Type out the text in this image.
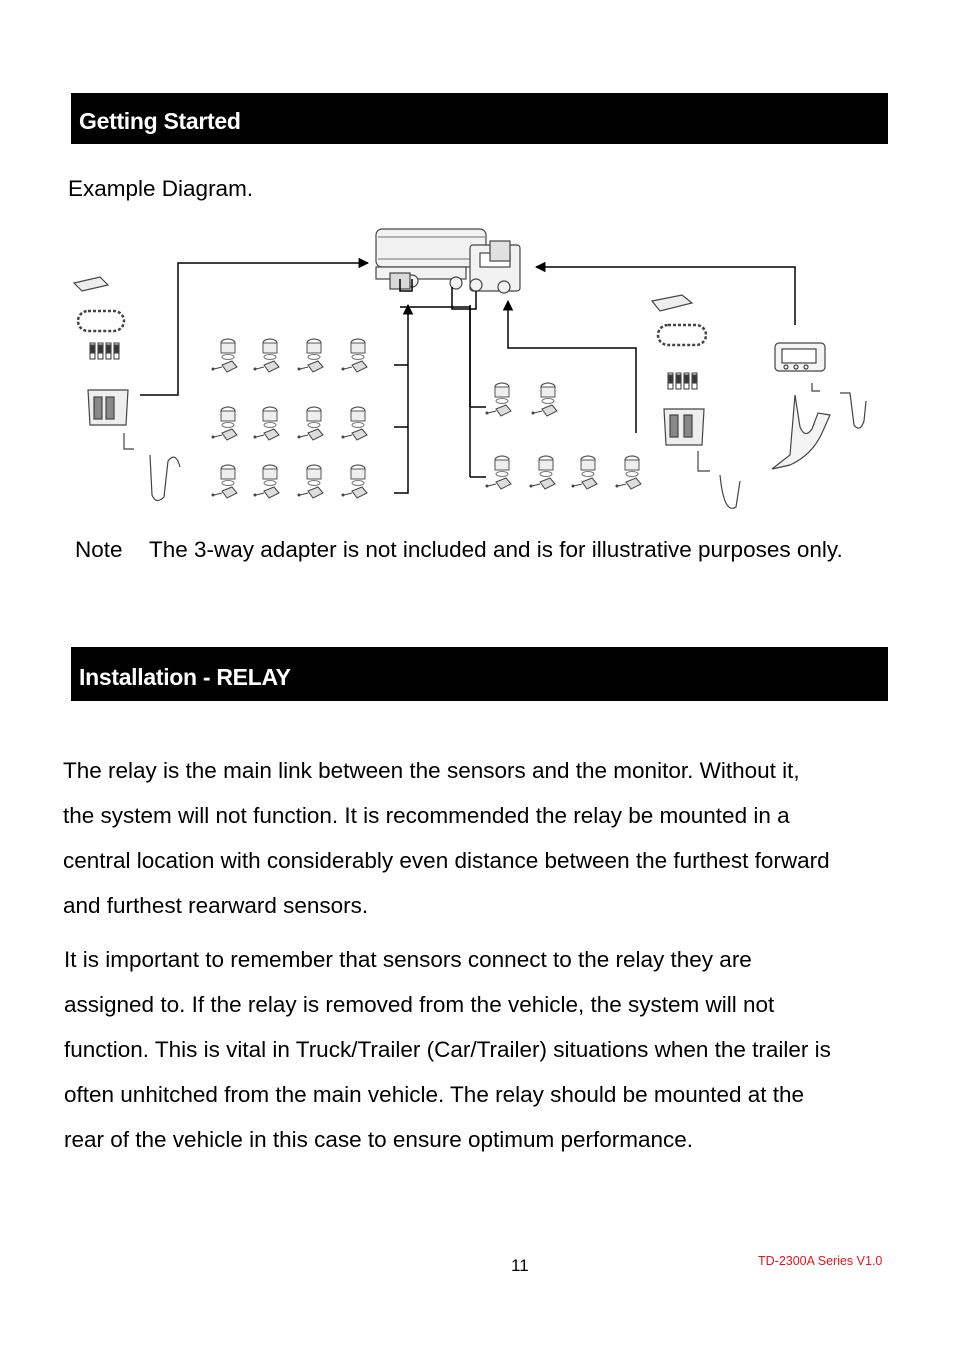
Getting Started
Example Diagram.
Note The 3-way adapter is not included and is for illustrative purposes only.
Installation - RELAY
The relay is the main link between the sensors and the monitor. Without it,
the system will not function. It is recommended the relay be mounted in a
central location with considerably even distance between the furthest forward
and furthest rearward sensors.
It is important to remember that sensors connect to the relay they are
assigned to. If the relay is removed from the vehicle, the system will not
function. This is vital in Truck/Trailer (Car/Trailer) situations when the trailer is
often unhitched from the main vehicle. The relay should be mounted at the
rear of the vehicle in this case to ensure optimum performance.
11	TD-2300A Series V1.0
